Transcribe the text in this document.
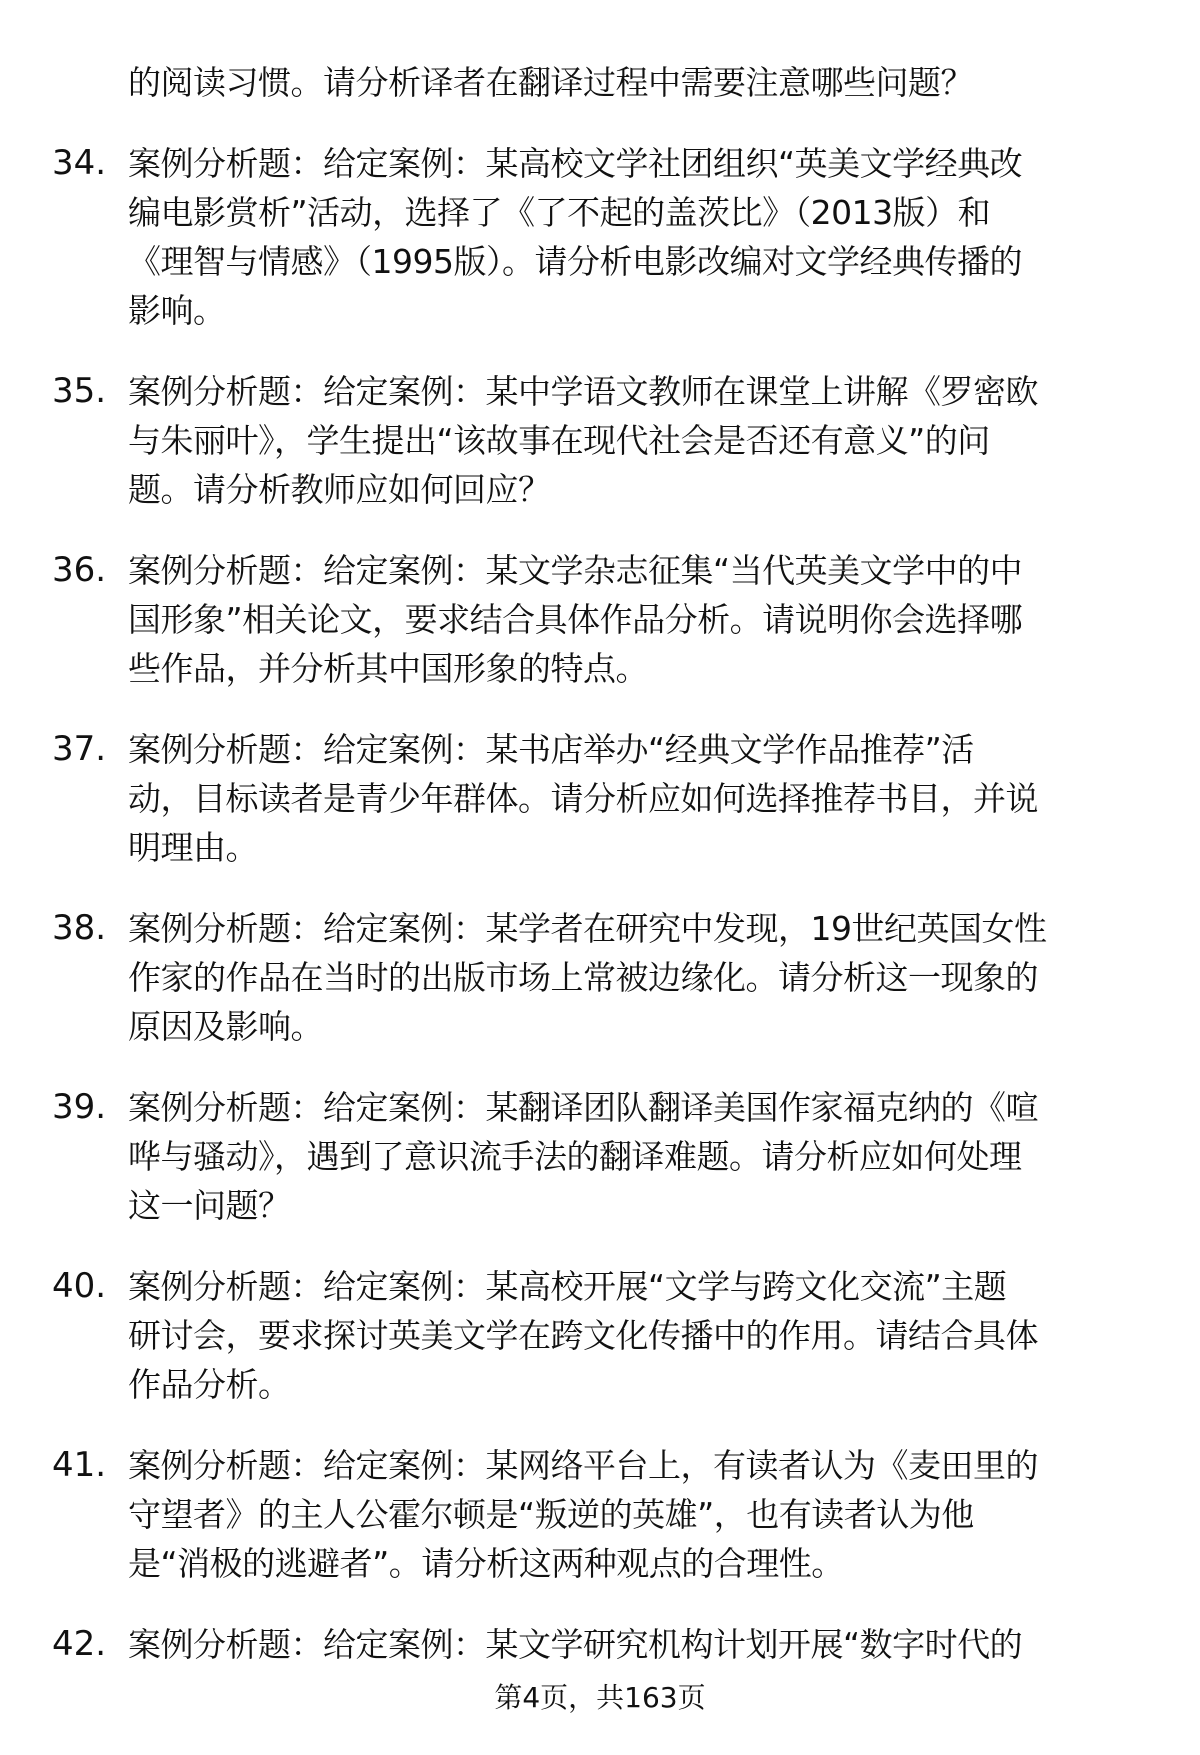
的阅读习惯。请分析译者在翻译过程中需要注意哪些问题？
34. 案例分析题：给定案例：某高校文学社团组织“英美文学经典改
编电影赏析”活动，选择了《了不起的盖茨比》（2013版）和
《理智与情感》（1995版）。请分析电影改编对文学经典传播的
影响。
35. 案例分析题：给定案例：某中学语文教师在课堂上讲解《罗密欧
与朱丽叶》，学生提出“该故事在现代社会是否还有意义”的问
题。请分析教师应如何回应？
36. 案例分析题：给定案例：某文学杂志征集“当代英美文学中的中
国形象”相关论文，要求结合具体作品分析。请说明你会选择哪
些作品，并分析其中国形象的特点。
37. 案例分析题：给定案例：某书店举办“经典文学作品推荐”活
动，目标读者是青少年群体。请分析应如何选择推荐书目，并说
明理由。
38. 案例分析题：给定案例：某学者在研究中发现，19世纪英国女性
作家的作品在当时的出版市场上常被边缘化。请分析这一现象的
原因及影响。
39. 案例分析题：给定案例：某翻译团队翻译美国作家福克纳的《喧
哗与骚动》，遇到了意识流手法的翻译难题。请分析应如何处理
这一问题？
40. 案例分析题：给定案例：某高校开展“文学与跨文化交流”主题
研讨会，要求探讨英美文学在跨文化传播中的作用。请结合具体
作品分析。
41. 案例分析题：给定案例：某网络平台上，有读者认为《麦田里的
守望者》的主人公霍尔顿是“叛逆的英雄”，也有读者认为他
是“消极的逃避者”。请分析这两种观点的合理性。
42. 案例分析题：给定案例：某文学研究机构计划开展“数字时代的
第4页，共163页
